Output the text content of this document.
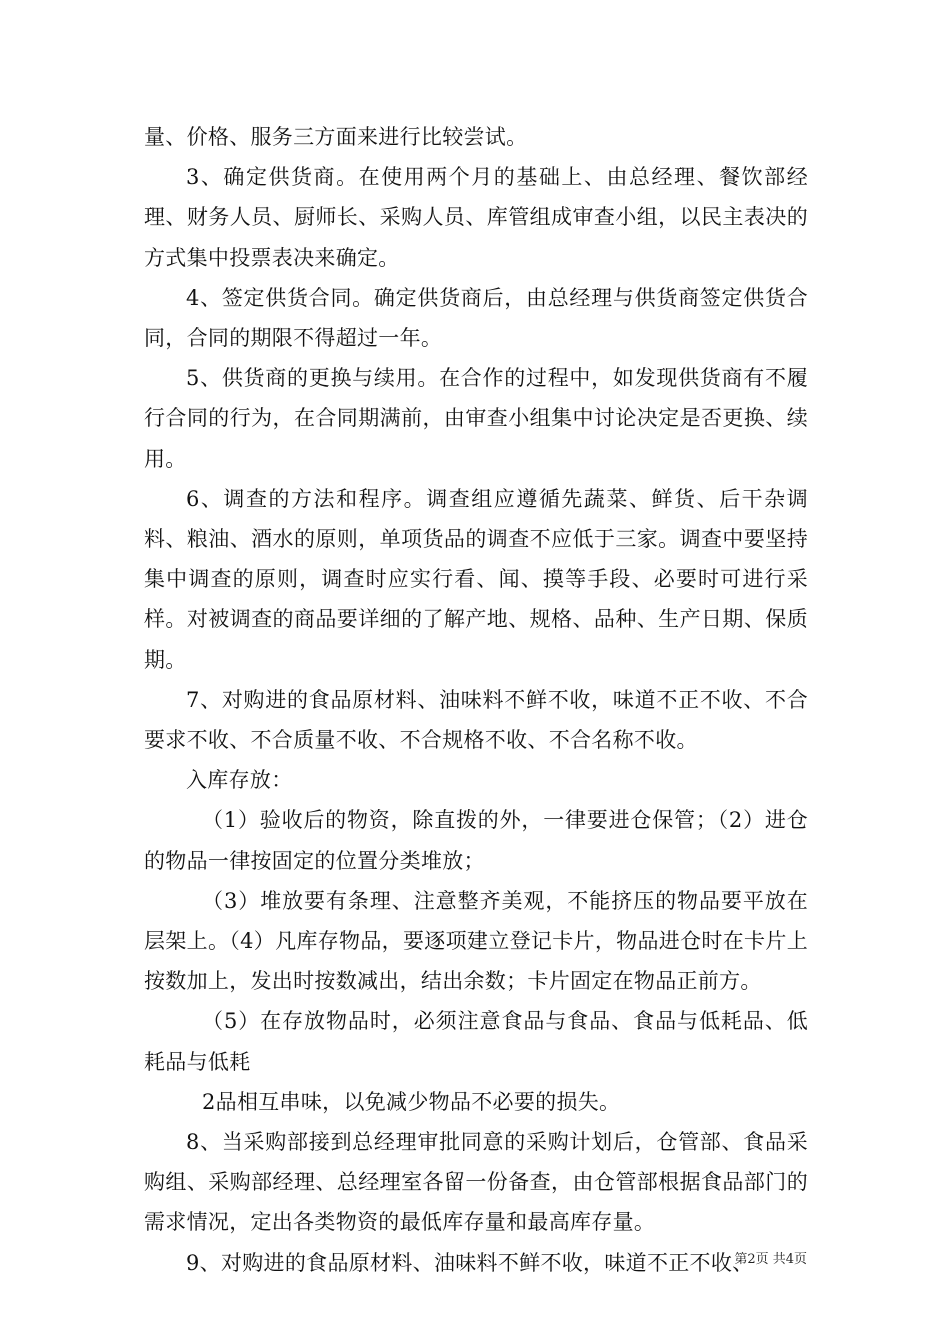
量、价格、服务三方面来进行比较尝试。

3、确定供货商。在使用两个月的基础上、由总经理、餐饮部经理、财务人员、厨师长、采购人员、库管组成审查小组，以民主表决的方式集中投票表决来确定。

4、签定供货合同。确定供货商后，由总经理与供货商签定供货合同，合同的期限不得超过一年。

5、供货商的更换与续用。在合作的过程中，如发现供货商有不履行合同的行为，在合同期满前，由审查小组集中讨论决定是否更换、续用。

6、调查的方法和程序。调查组应遵循先蔬菜、鲜货、后干杂调料、粮油、酒水的原则，单项货品的调查不应低于三家。调查中要坚持集中调查的原则，调查时应实行看、闻、摸等手段、必要时可进行采样。对被调查的商品要详细的了解产地、规格、品种、生产日期、保质期。

7、对购进的食品原材料、油味料不鲜不收，味道不正不收、不合要求不收、不合质量不收、不合规格不收、不合名称不收。

入库存放：

（1）验收后的物资，除直拨的外，一律要进仓保管；（2）进仓的物品一律按固定的位置分类堆放；

（3）堆放要有条理、注意整齐美观，不能挤压的物品要平放在层架上。（4）凡库存物品，要逐项建立登记卡片，物品进仓时在卡片上按数加上，发出时按数减出，结出余数；卡片固定在物品正前方。

（5）在存放物品时，必须注意食品与食品、食品与低耗品、低耗品与低耗

2品相互串味，以免减少物品不必要的损失。

8、当采购部接到总经理审批同意的采购计划后，仓管部、食品采购组、采购部经理、总经理室各留一份备查，由仓管部根据食品部门的需求情况，定出各类物资的最低库存量和最高库存量。

9、对购进的食品原材料、油味料不鲜不收，味道不正不收、

第2页 共4页
